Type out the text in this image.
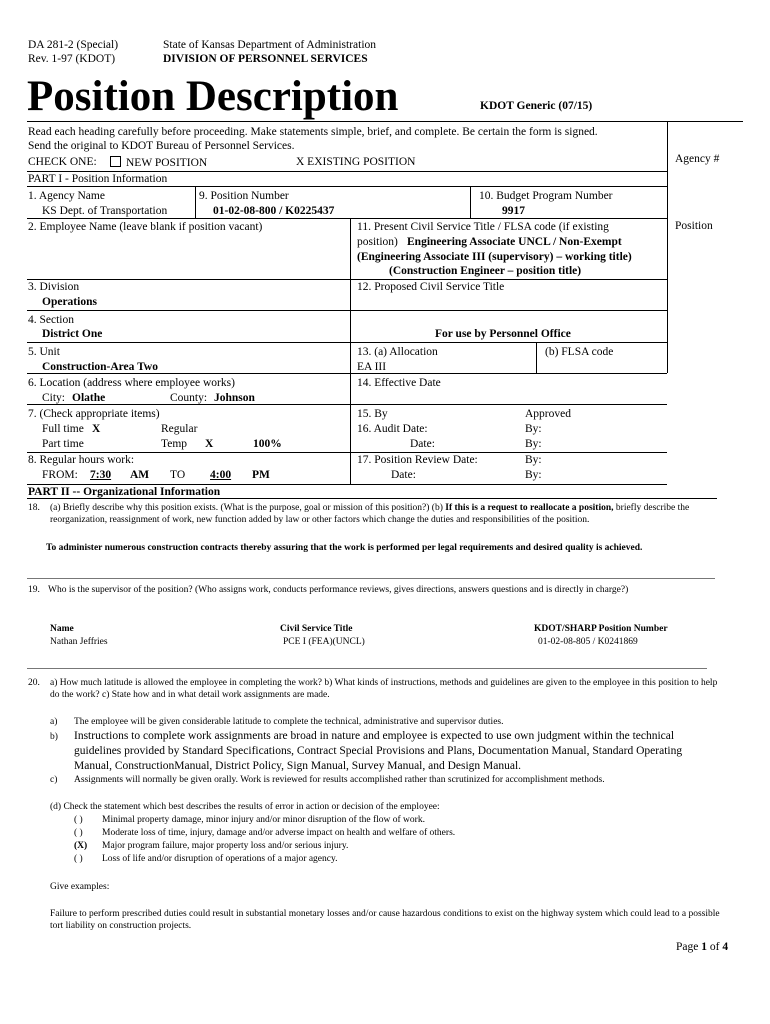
DA 281-2 (Special)
Rev. 1-97 (KDOT)
State of Kansas Department of Administration
DIVISION OF PERSONNEL SERVICES
Position Description	KDOT Generic (07/15)
Read each heading carefully before proceeding. Make statements simple, brief, and complete. Be certain the form is signed.
Send the original to KDOT Bureau of Personnel Services.
CHECK ONE:	NEW POSITION	X EXISTING POSITION	Agency #
Position
PART I - Position Information
1. Agency Name
KS Dept. of Transportation
9. Position Number
01-02-08-800 / K0225437
10. Budget Program Number
9917
2. Employee Name (leave blank if position vacant)	11. Present Civil Service Title / FLSA code (if existing
position) Engineering Associate UNCL / Non-Exempt
(Engineering Associate III (supervisory) – working title)
(Construction Engineer – position title)
3. Division
Operations
12. Proposed Civil Service Title
4. Section
District One	For use by Personnel Office
5. Unit
Construction-Area Two
13. (a) Allocation
EA III
(b) FLSA code
6. Location (address where employee works)
City: Olathe	County: Johnson
14. Effective Date
7. (Check appropriate items)	15. By	Approved
Full time X	Regular	16. Audit Date:	By:
Part time	Temp X	100%	Date:	By:
8. Regular hours work:	17. Position Review Date:	By:
FROM: 7:30 AM TO 4:00 PM	Date:	By:
PART II -- Organizational Information
18. (a) Briefly describe why this position exists. (What is the purpose, goal or mission of this position?) (b) If this is a request to reallocate a position, briefly describe the reorganization, reassignment of work, new function added by law or other factors which change the duties and responsibilities of the position.
To administer numerous construction contracts thereby assuring that the work is performed per legal requirements and desired quality is achieved.
19. Who is the supervisor of the position? (Who assigns work, conducts performance reviews, gives directions, answers questions and is directly in charge?)
Name	Civil Service Title	KDOT/SHARP Position Number
Nathan Jeffries	PCE I (FEA)(UNCL)	01-02-08-805 / K0241869
20. a) How much latitude is allowed the employee in completing the work? b) What kinds of instructions, methods and guidelines are given to the employee in this position to help do the work? c) State how and in what detail work assignments are made.
a) The employee will be given considerable latitude to complete the technical, administrative and supervisor duties.
b) Instructions to complete work assignments are broad in nature and employee is expected to use own judgment within the technical guidelines provided by Standard Specifications, Contract Special Provisions and Plans, Documentation Manual, Standard Operating Manual, ConstructionManual, District Policy, Sign Manual, Survey Manual, and Design Manual.
c) Assignments will normally be given orally. Work is reviewed for results accomplished rather than scrutinized for accomplishment methods.
(d) Check the statement which best describes the results of error in action or decision of the employee:
( ) Minimal property damage, minor injury and/or minor disruption of the flow of work.
( ) Moderate loss of time, injury, damage and/or adverse impact on health and welfare of others.
(X) Major program failure, major property loss and/or serious injury.
( ) Loss of life and/or disruption of operations of a major agency.
Give examples:
Failure to perform prescribed duties could result in substantial monetary losses and/or cause hazardous conditions to exist on the highway system which could lead to a possible tort liability on construction projects.
Page 1 of 4
